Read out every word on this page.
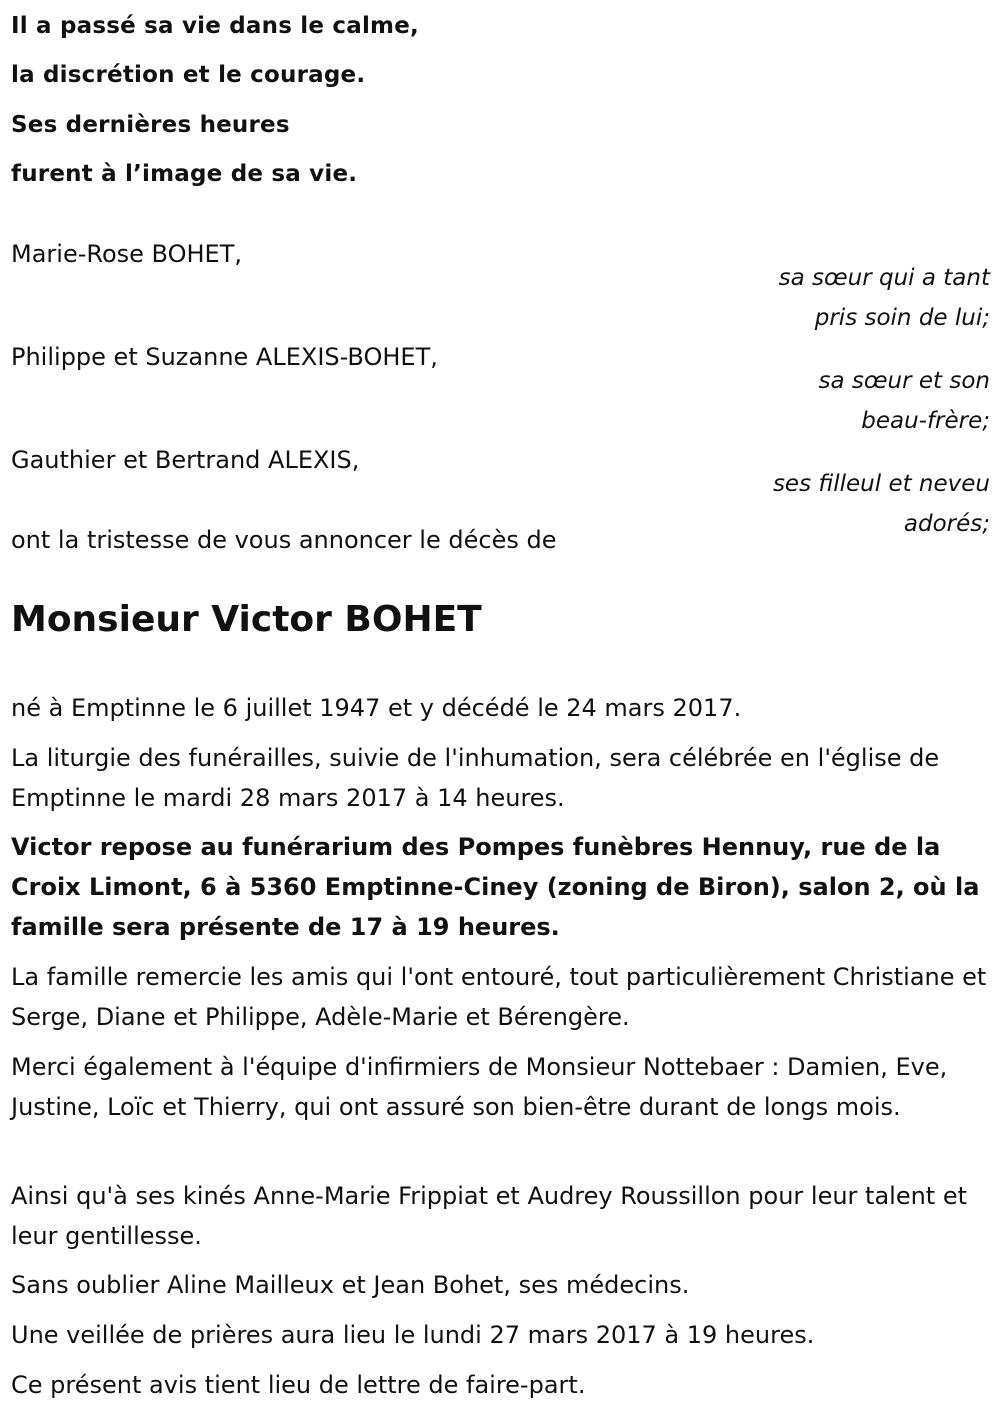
Il a passé sa vie dans le calme,

la discrétion et le courage.

Ses dernières heures

furent à l’image de sa vie.

Marie-Rose BOHET,

sa sœur qui a tant
pris soin de lui;

Philippe et Suzanne ALEXIS-BOHET,

sa sœur et son
beau-frère;

Gauthier et Bertrand ALEXIS,

ses filleul et neveu
adorés;

ont la tristesse de vous annoncer le décès de

Monsieur Victor BOHET

né à Emptinne le 6 juillet 1947 et y décédé le 24 mars 2017.

La liturgie des funérailles, suivie de l'inhumation, sera célébrée en l'église de Emptinne le mardi 28 mars 2017 à 14 heures.

Victor repose au funérarium des Pompes funèbres Hennuy, rue de la Croix Limont, 6 à 5360 Emptinne-Ciney (zoning de Biron), salon 2, où la famille sera présente de 17 à 19 heures.

La famille remercie les amis qui l'ont entouré, tout particulièrement Christiane et Serge, Diane et Philippe, Adèle-Marie et Bérengère.

Merci également à l'équipe d'infirmiers de Monsieur Nottebaer : Damien, Eve, Justine, Loïc et Thierry, qui ont assuré son bien-être durant de longs mois.

Ainsi qu'à ses kinés Anne-Marie Frippiat et Audrey Roussillon pour leur talent et leur gentillesse.

Sans oublier Aline Mailleux et Jean Bohet, ses médecins.

Une veillée de prières aura lieu le lundi 27 mars 2017 à 19 heures.

Ce présent avis tient lieu de lettre de faire-part.
